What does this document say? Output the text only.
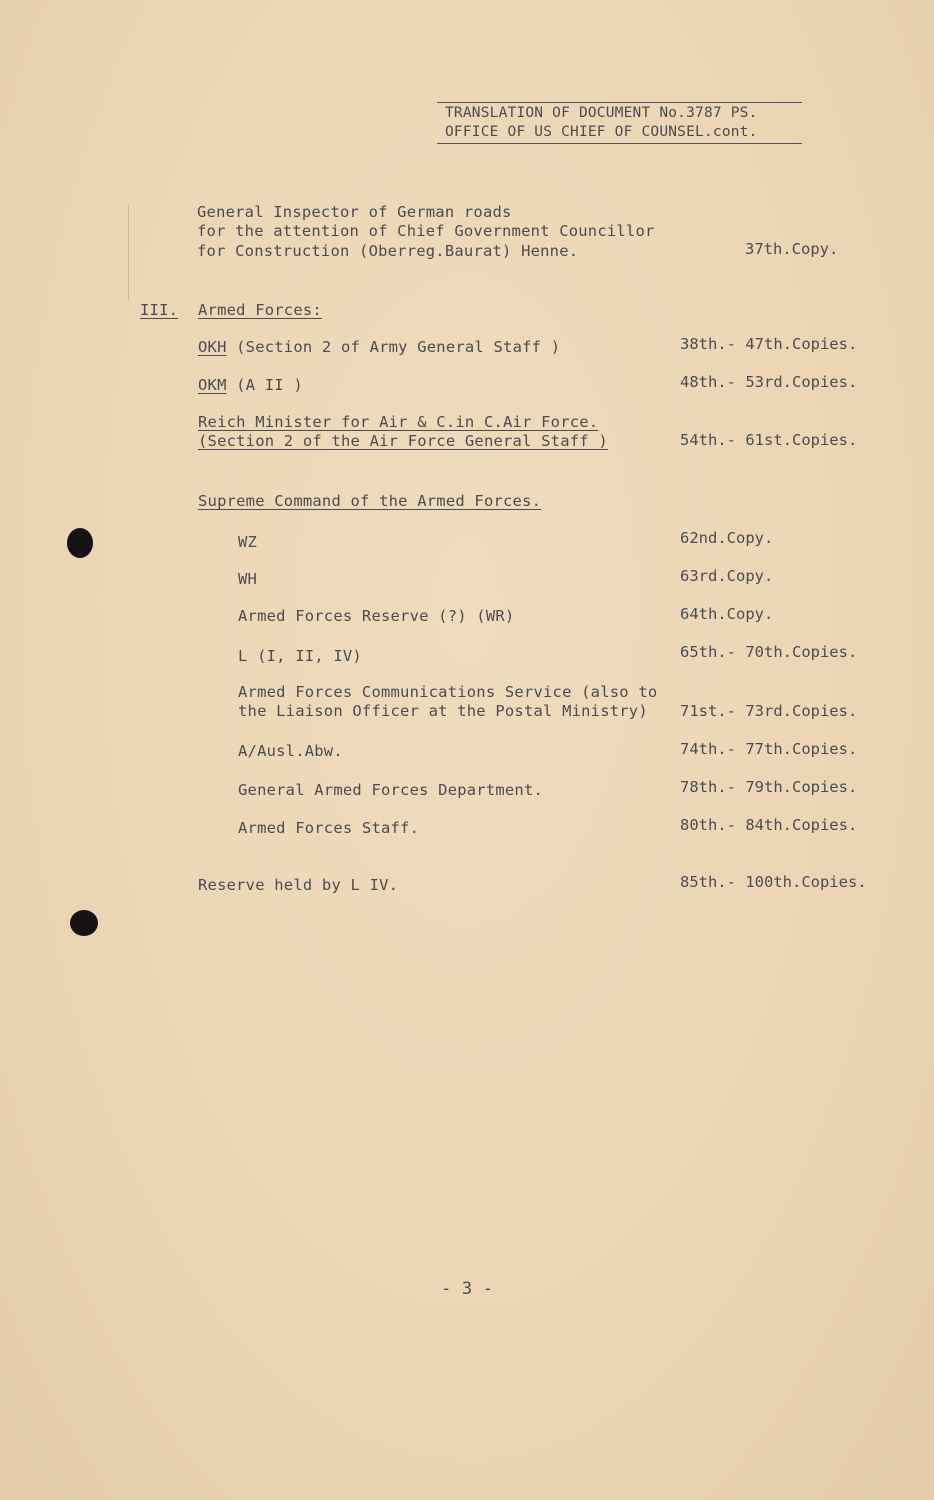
TRANSLATION OF DOCUMENT No.3787 PS.
OFFICE OF US CHIEF OF COUNSEL.cont.
General Inspector of German roads
for the attention of Chief Government Councillor
for Construction (Oberreg.Baurat) Henne.	37th.Copy.
III. Armed Forces:
OKH (Section 2 of Army General Staff )	38th.- 47th.Copies.
OKM (A II )	48th.- 53rd.Copies.
Reich Minister for Air & C.in C.Air Force.
(Section 2 of the Air Force General Staff )	54th.- 61st.Copies.
Supreme Command of the Armed Forces.
WZ	62nd.Copy.
WH	63rd.Copy.
Armed Forces Reserve (?) (WR)	64th.Copy.
L (I, II, IV)	65th.- 70th.Copies.
Armed Forces Communications Service (also to
the Liaison Officer at the Postal Ministry) 71st.- 73rd.Copies.
A/Ausl.Abw.	74th.- 77th.Copies.
General Armed Forces Department.	78th.- 79th.Copies.
Armed Forces Staff.	80th.- 84th.Copies.
Reserve held by L IV.	85th.- 100th.Copies.
- 3 -
